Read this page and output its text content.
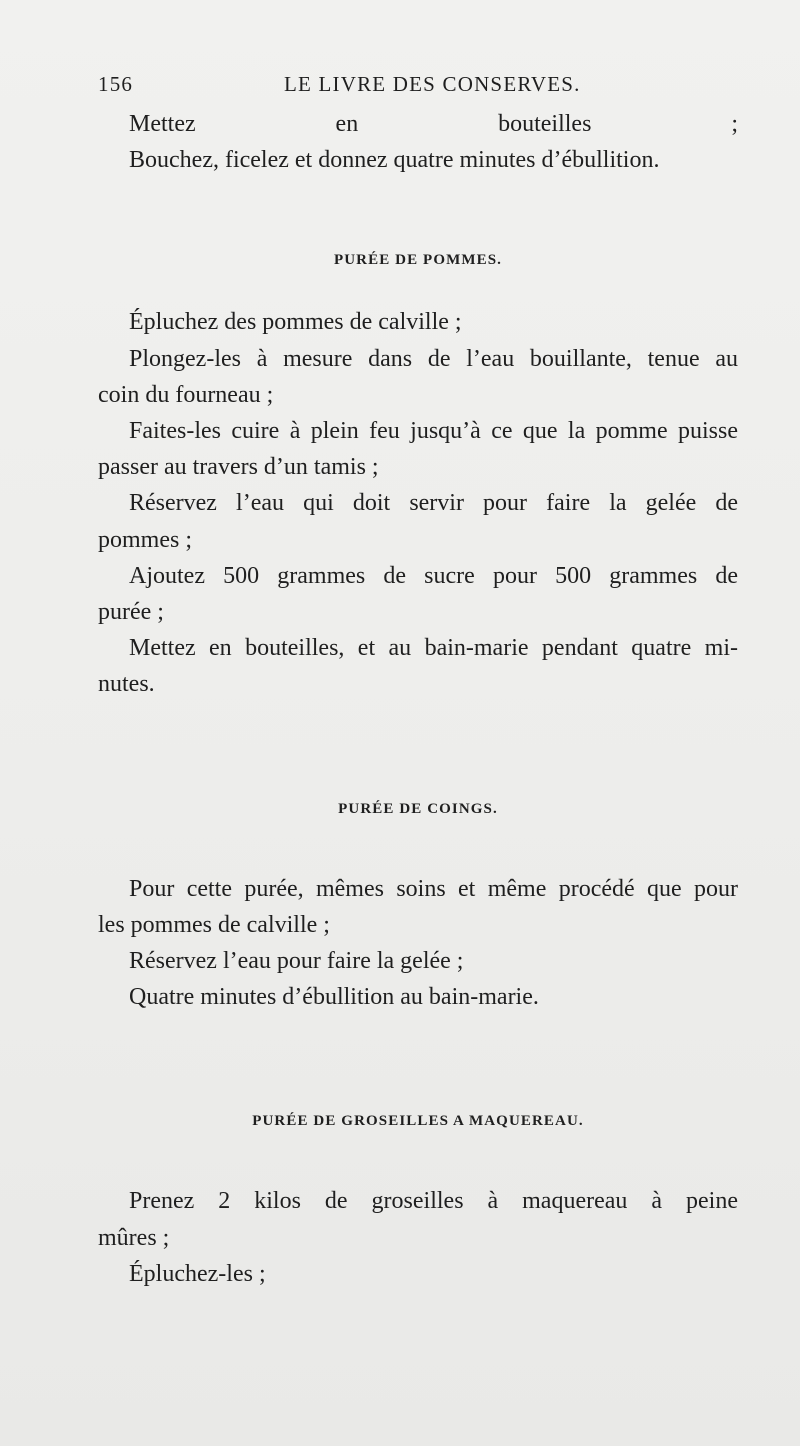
156	LE LIVRE DES CONSERVES.

Mettez en bouteilles ;

Bouchez, ficelez et donnez quatre minutes d’ébullition.

PURÉE DE POMMES.

Épluchez des pommes de calville ;

Plongez-les à mesure dans de l’eau bouillante, tenue au

coin du fourneau ;

Faites-les cuire à plein feu jusqu’à ce que la pomme puisse

passer au travers d’un tamis ;

Réservez l’eau qui doit servir pour faire la gelée de

pommes ;

Ajoutez 500 grammes de sucre pour 500 grammes de

purée ;

Mettez en bouteilles, et au bain-marie pendant quatre mi-

nutes.

PURÉE DE COINGS.

Pour cette purée, mêmes soins et même procédé que pour

les pommes de calville ;

Réservez l’eau pour faire la gelée ;

Quatre minutes d’ébullition au bain-marie.

PURÉE DE GROSEILLES A MAQUEREAU.

Prenez 2 kilos de groseilles à maquereau à peine

mûres ;

Épluchez-les ;
